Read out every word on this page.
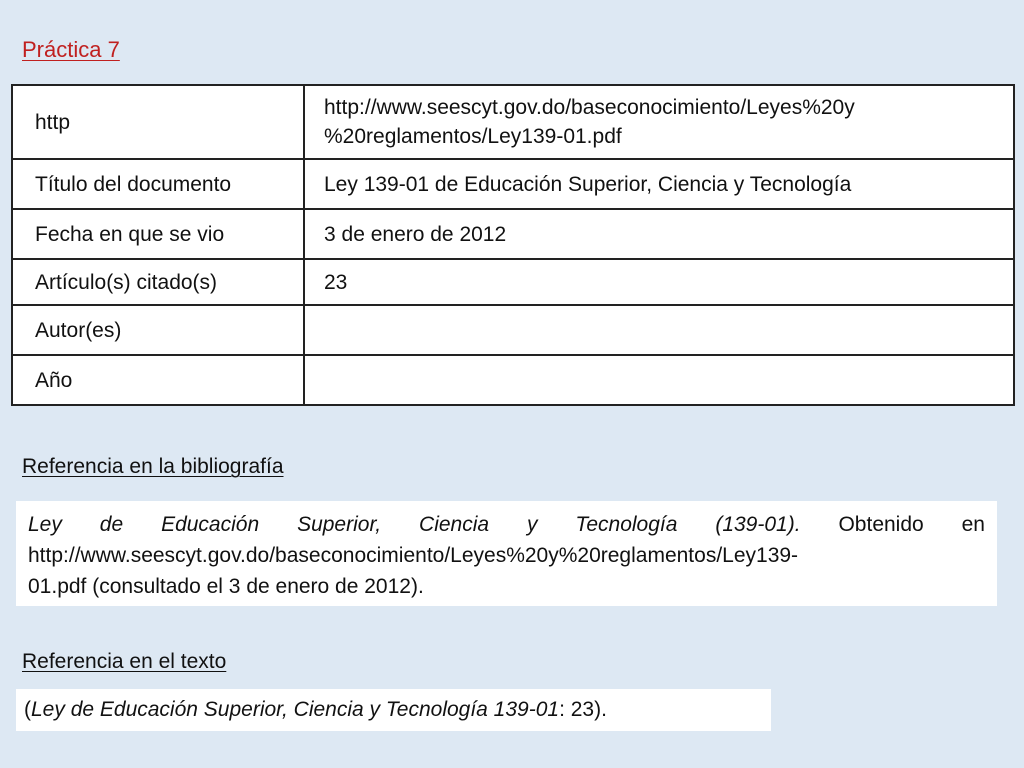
Práctica 7
http	http://www.seescyt.gov.do/baseconocimiento/Leyes%20y
%20reglamentos/Ley139-01.pdf
Título del documento	Ley 139-01 de Educación Superior, Ciencia y Tecnología
Fecha en que se vio	3 de enero de 2012
Artículo(s) citado(s)	23
Autor(es)	
Año	
Referencia en la bibliografía
Ley de Educación Superior, Ciencia y Tecnología (139-01). Obtenido en
http://www.seescyt.gov.do/baseconocimiento/Leyes%20y%20reglamentos/Ley139-
01.pdf (consultado el 3 de enero de 2012).
Referencia en el texto
(Ley de Educación Superior, Ciencia y Tecnología 139-01: 23).
